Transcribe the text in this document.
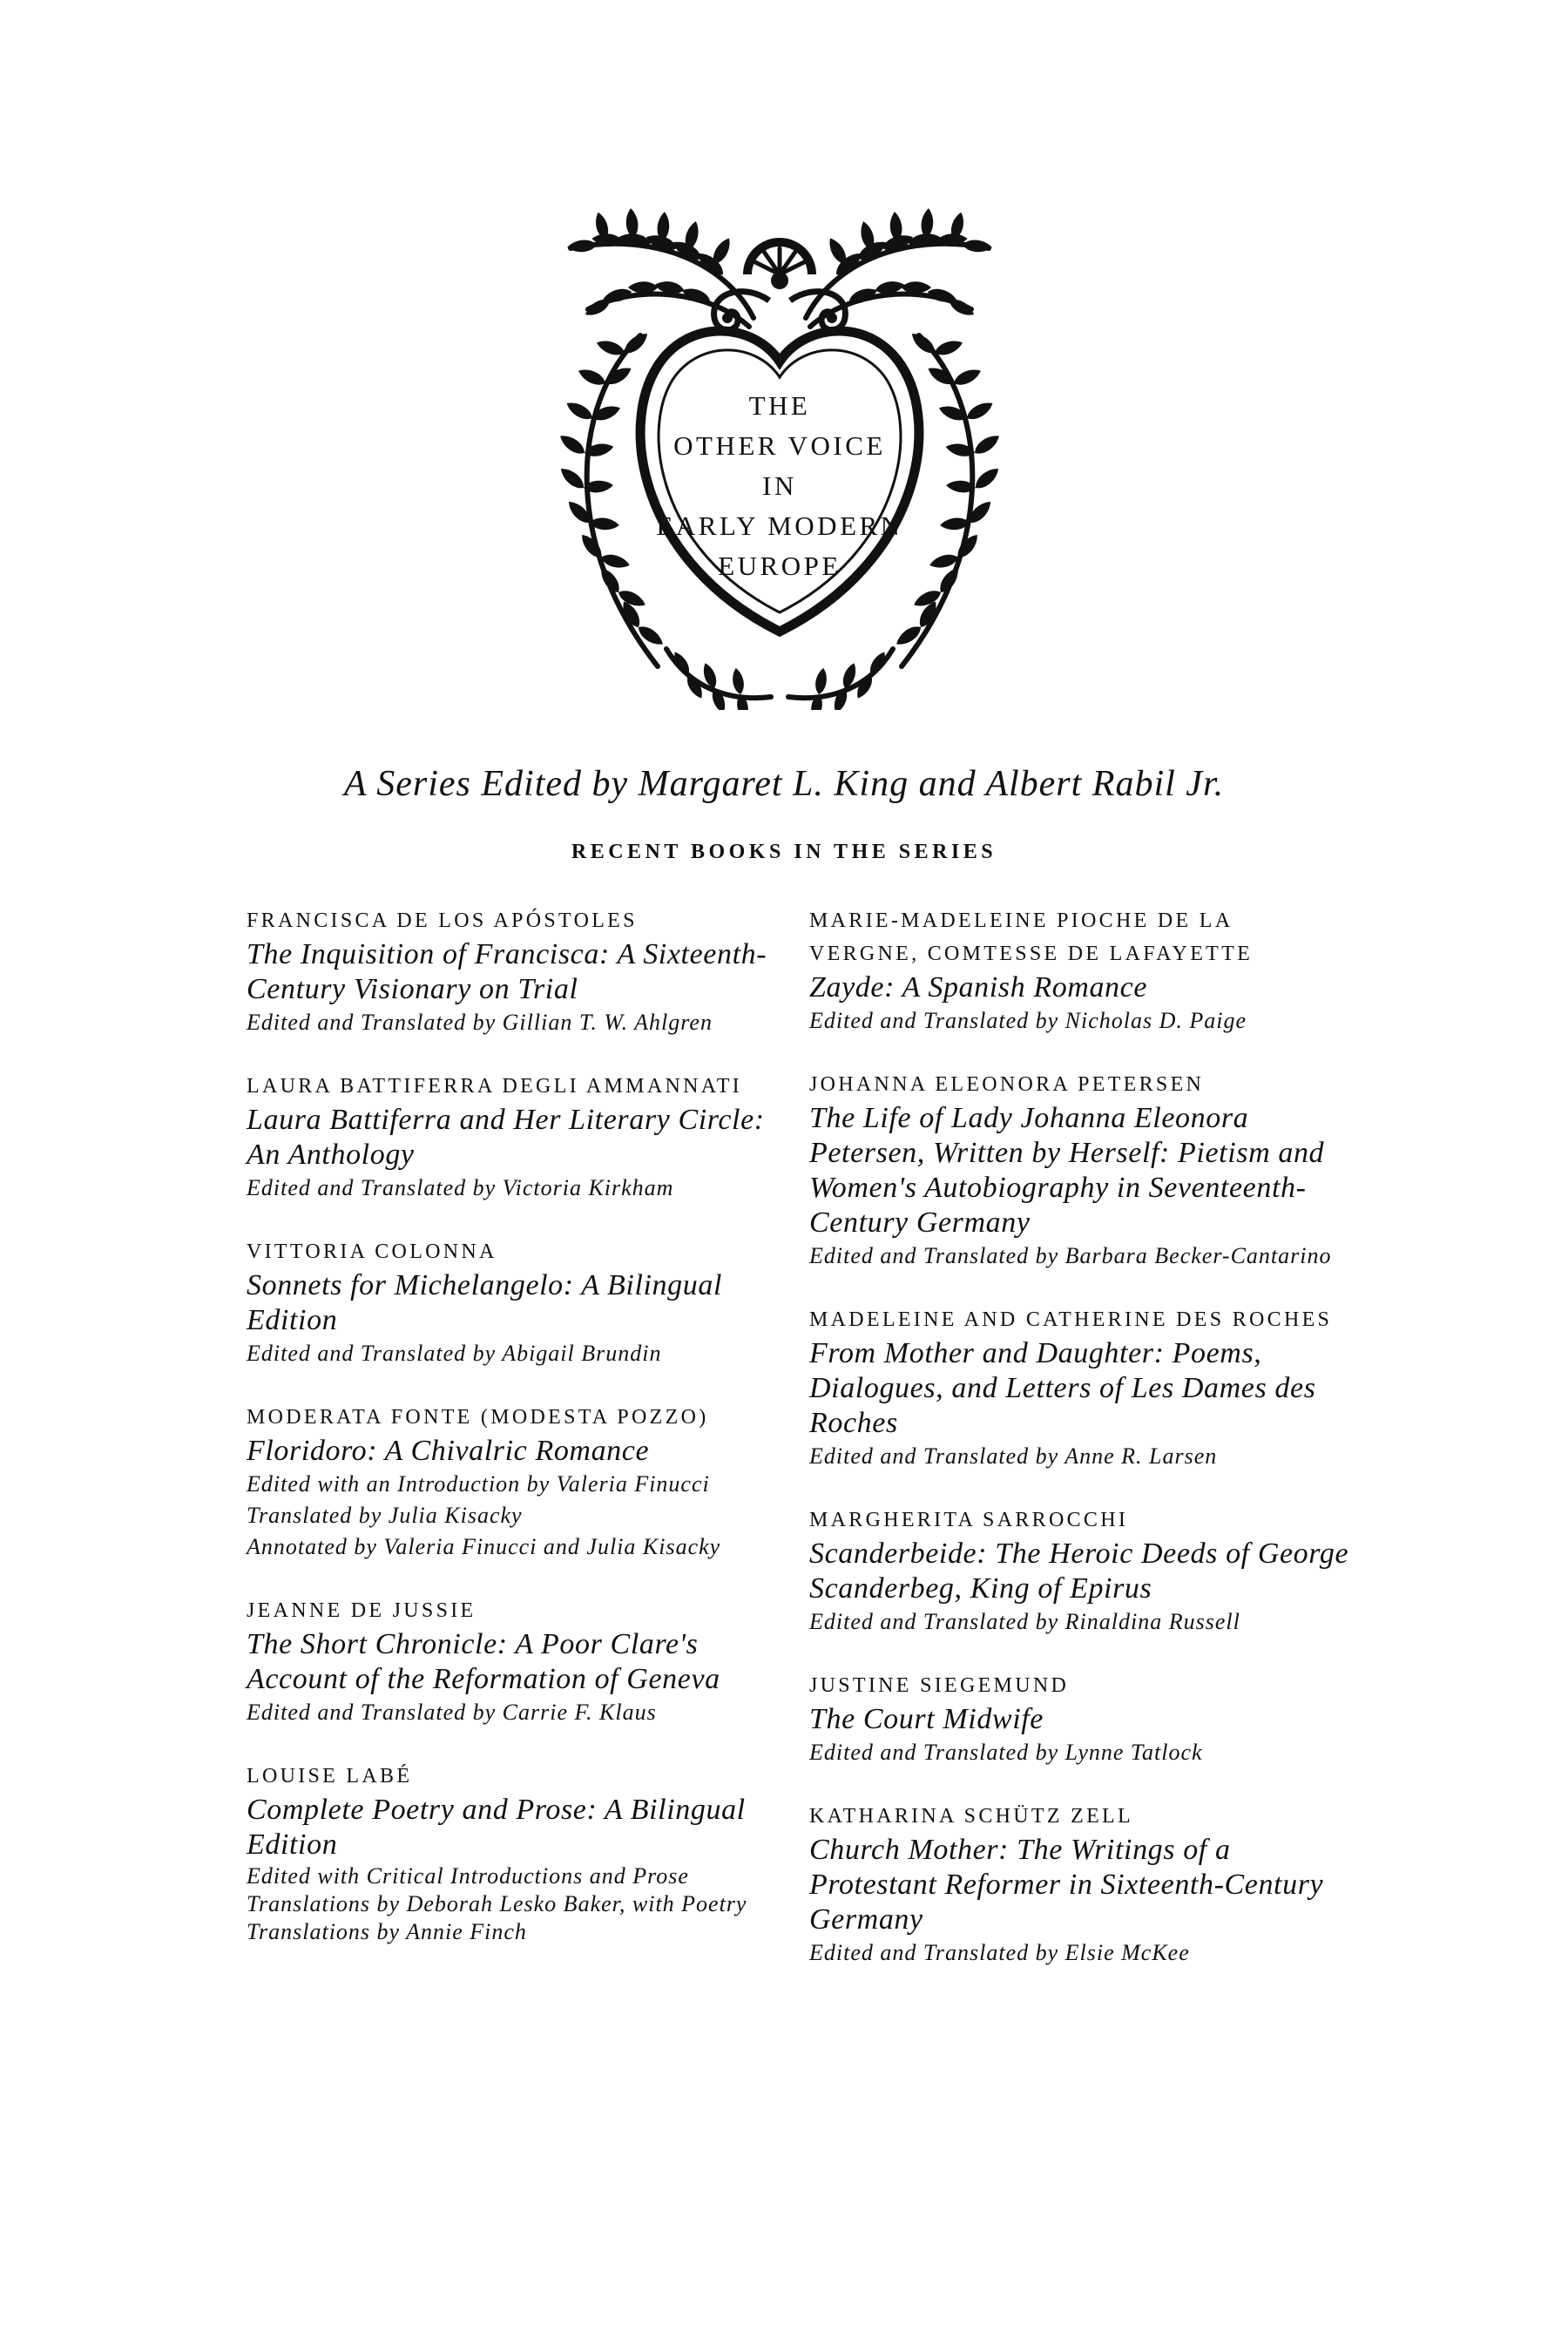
THE
OTHER VOICE
IN
EARLY MODERN
EUROPE
A Series Edited by Margaret L. King and Albert Rabil Jr.
RECENT BOOKS IN THE SERIES
FRANCISCA DE LOS APÓSTOLES
The Inquisition of Francisca: A Sixteenth-Century Visionary on Trial
Edited and Translated by Gillian T. W. Ahlgren
LAURA BATTIFERRA DEGLI AMMANNATI
Laura Battiferra and Her Literary Circle: An Anthology
Edited and Translated by Victoria Kirkham
VITTORIA COLONNA
Sonnets for Michelangelo: A Bilingual Edition
Edited and Translated by Abigail Brundin
MODERATA FONTE (MODESTA POZZO)
Floridoro: A Chivalric Romance
Edited with an Introduction by Valeria Finucci
Translated by Julia Kisacky
Annotated by Valeria Finucci and Julia Kisacky
JEANNE DE JUSSIE
The Short Chronicle: A Poor Clare's Account of the Reformation of Geneva
Edited and Translated by Carrie F. Klaus
LOUISE LABÉ
Complete Poetry and Prose: A Bilingual Edition
Edited with Critical Introductions and Prose Translations by Deborah Lesko Baker, with Poetry Translations by Annie Finch
MARIE-MADELEINE PIOCHE DE LA VERGNE, COMTESSE DE LAFAYETTE
Zayde: A Spanish Romance
Edited and Translated by Nicholas D. Paige
JOHANNA ELEONORA PETERSEN
The Life of Lady Johanna Eleonora Petersen, Written by Herself: Pietism and Women's Autobiography in Seventeenth-Century Germany
Edited and Translated by Barbara Becker-Cantarino
MADELEINE AND CATHERINE DES ROCHES
From Mother and Daughter: Poems, Dialogues, and Letters of Les Dames des Roches
Edited and Translated by Anne R. Larsen
MARGHERITA SARROCCHI
Scanderbeide: The Heroic Deeds of George Scanderbeg, King of Epirus
Edited and Translated by Rinaldina Russell
JUSTINE SIEGEMUND
The Court Midwife
Edited and Translated by Lynne Tatlock
KATHARINA SCHÜTZ ZELL
Church Mother: The Writings of a Protestant Reformer in Sixteenth-Century Germany
Edited and Translated by Elsie McKee
